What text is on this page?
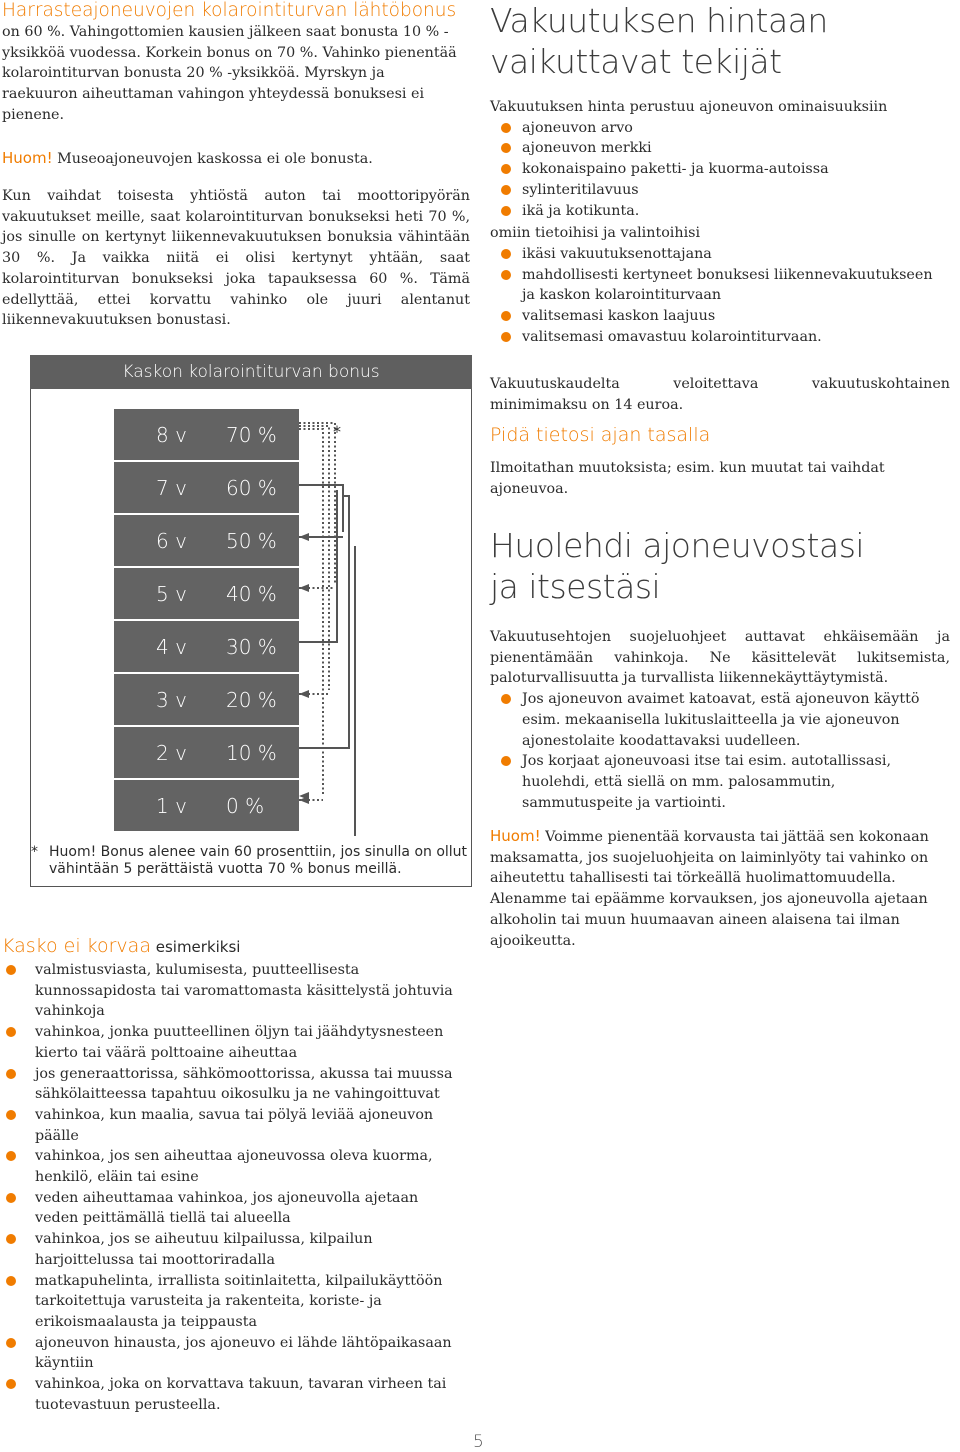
Harrasteajoneuvojen kolarointiturvan lähtöbonus

on 60 %. Vahingottomien kausien jälkeen saat bonusta 10 % -yksikköä vuodessa. Korkein bonus on 70 %. Vahinko pienentää kolarointiturvan bonusta 20 % -yksikköä. Myrskyn ja raekuuron aiheuttaman vahingon yhteydessä bonuksesi ei pienene.

Huom! Museoajoneuvojen kaskossa ei ole bonusta.

Kun vaihdat toisesta yhtiöstä auton tai moottoripyörän vakuutukset meille, saat kolarointiturvan bonukseksi heti 70 %, jos sinulle on kertynyt liikennevakuutuksen bonuksia vähintään 30 %. Ja vaikka niitä ei olisi kertynyt yhtään, saat kolarointiturvan bonukseksi joka tapauksessa 60 %. Tämä edellyttää, ettei korvattu vahinko ole juuri alentanut liikennevakuutuksen bonustasi.

Kaskon kolarointiturvan bonus
8 v 70 %
7 v 60 %
6 v 50 %
5 v 40 %
4 v 30 %
3 v 20 %
2 v 10 %
1 v 0 %
*
* Huom! Bonus alenee vain 60 prosenttiin, jos sinulla on ollut vähintään 5 perättäistä vuotta 70 % bonus meillä.

Kasko ei korvaa esimerkiksi

valmistusviasta, kulumisesta, puutteellisesta kunnossapidosta tai varomattomasta käsittelystä johtuvia vahinkoja
vahinkoa, jonka puutteellinen öljyn tai jäähdytysnesteen kierto tai väärä polttoaine aiheuttaa
jos generaattorissa, sähkömoottorissa, akussa tai muussa sähkölaitteessa tapahtuu oikosulku ja ne vahingoittuvat
vahinkoa, kun maalia, savua tai pölyä leviää ajoneuvon päälle
vahinkoa, jos sen aiheuttaa ajoneuvossa oleva kuorma, henkilö, eläin tai esine
veden aiheuttamaa vahinkoa, jos ajoneuvolla ajetaan veden peittämällä tiellä tai alueella
vahinkoa, jos se aiheutuu kilpailussa, kilpailun harjoittelussa tai moottoriradalla
matkapuhelinta, irrallista soitinlaitetta, kilpailukäyttöön tarkoitettuja varusteita ja rakenteita, koriste- ja erikoismaalausta ja teippausta
ajoneuvon hinausta, jos ajoneuvo ei lähde lähtöpaikasaan käyntiin
vahinkoa, joka on korvattava takuun, tavaran virheen tai tuotevastuun perusteella.

Vakuutuksen hintaan

vaikuttavat tekijät

Vakuutuksen hinta perustuu ajoneuvon ominaisuuksiin

ajoneuvon arvo
ajoneuvon merkki
kokonaispaino paketti- ja kuorma-autoissa
sylinteritilavuus
ikä ja kotikunta.

omiin tietoihisi ja valintoihisi

ikäsi vakuutuksenottajana
mahdollisesti kertyneet bonuksesi liikennevakuutukseen ja kaskon kolarointiturvaan
valitsemasi kaskon laajuus
valitsemasi omavastuu kolarointiturvaan.

Vakuutuskaudelta veloitettava vakuutuskohtainen minimimaksu on 14 euroa.

Pidä tietosi ajan tasalla

Ilmoitathan muutoksista; esim. kun muutat tai vaihdat ajoneuvoa.

Huolehdi ajoneuvostasi

ja itsestäsi

Vakuutusehtojen suojeluohjeet auttavat ehkäisemään ja pienentämään vahinkoja. Ne käsittelevät lukitsemista, paloturvallisuutta ja turvallista liikennekäyttäytymistä.

Jos ajoneuvon avaimet katoavat, estä ajoneuvon käyttö esim. mekaanisella lukituslaitteella ja vie ajoneuvon ajonestolaite koodattavaksi uudelleen.
Jos korjaat ajoneuvoasi itse tai esim. autotallissasi, huolehdi, että siellä on mm. palosammutin, sammutuspeite ja vartiointi.

Huom! Voimme pienentää korvausta tai jättää sen kokonaan maksamatta, jos suojeluohjeita on laiminlyöty tai vahinko on aiheutettu tahallisesti tai törkeällä huolimattomuudella. Alenamme tai epäämme korvauksen, jos ajoneuvolla ajetaan alkoholin tai muun huumaavan aineen alaisena tai ilman ajooikeutta.

5
